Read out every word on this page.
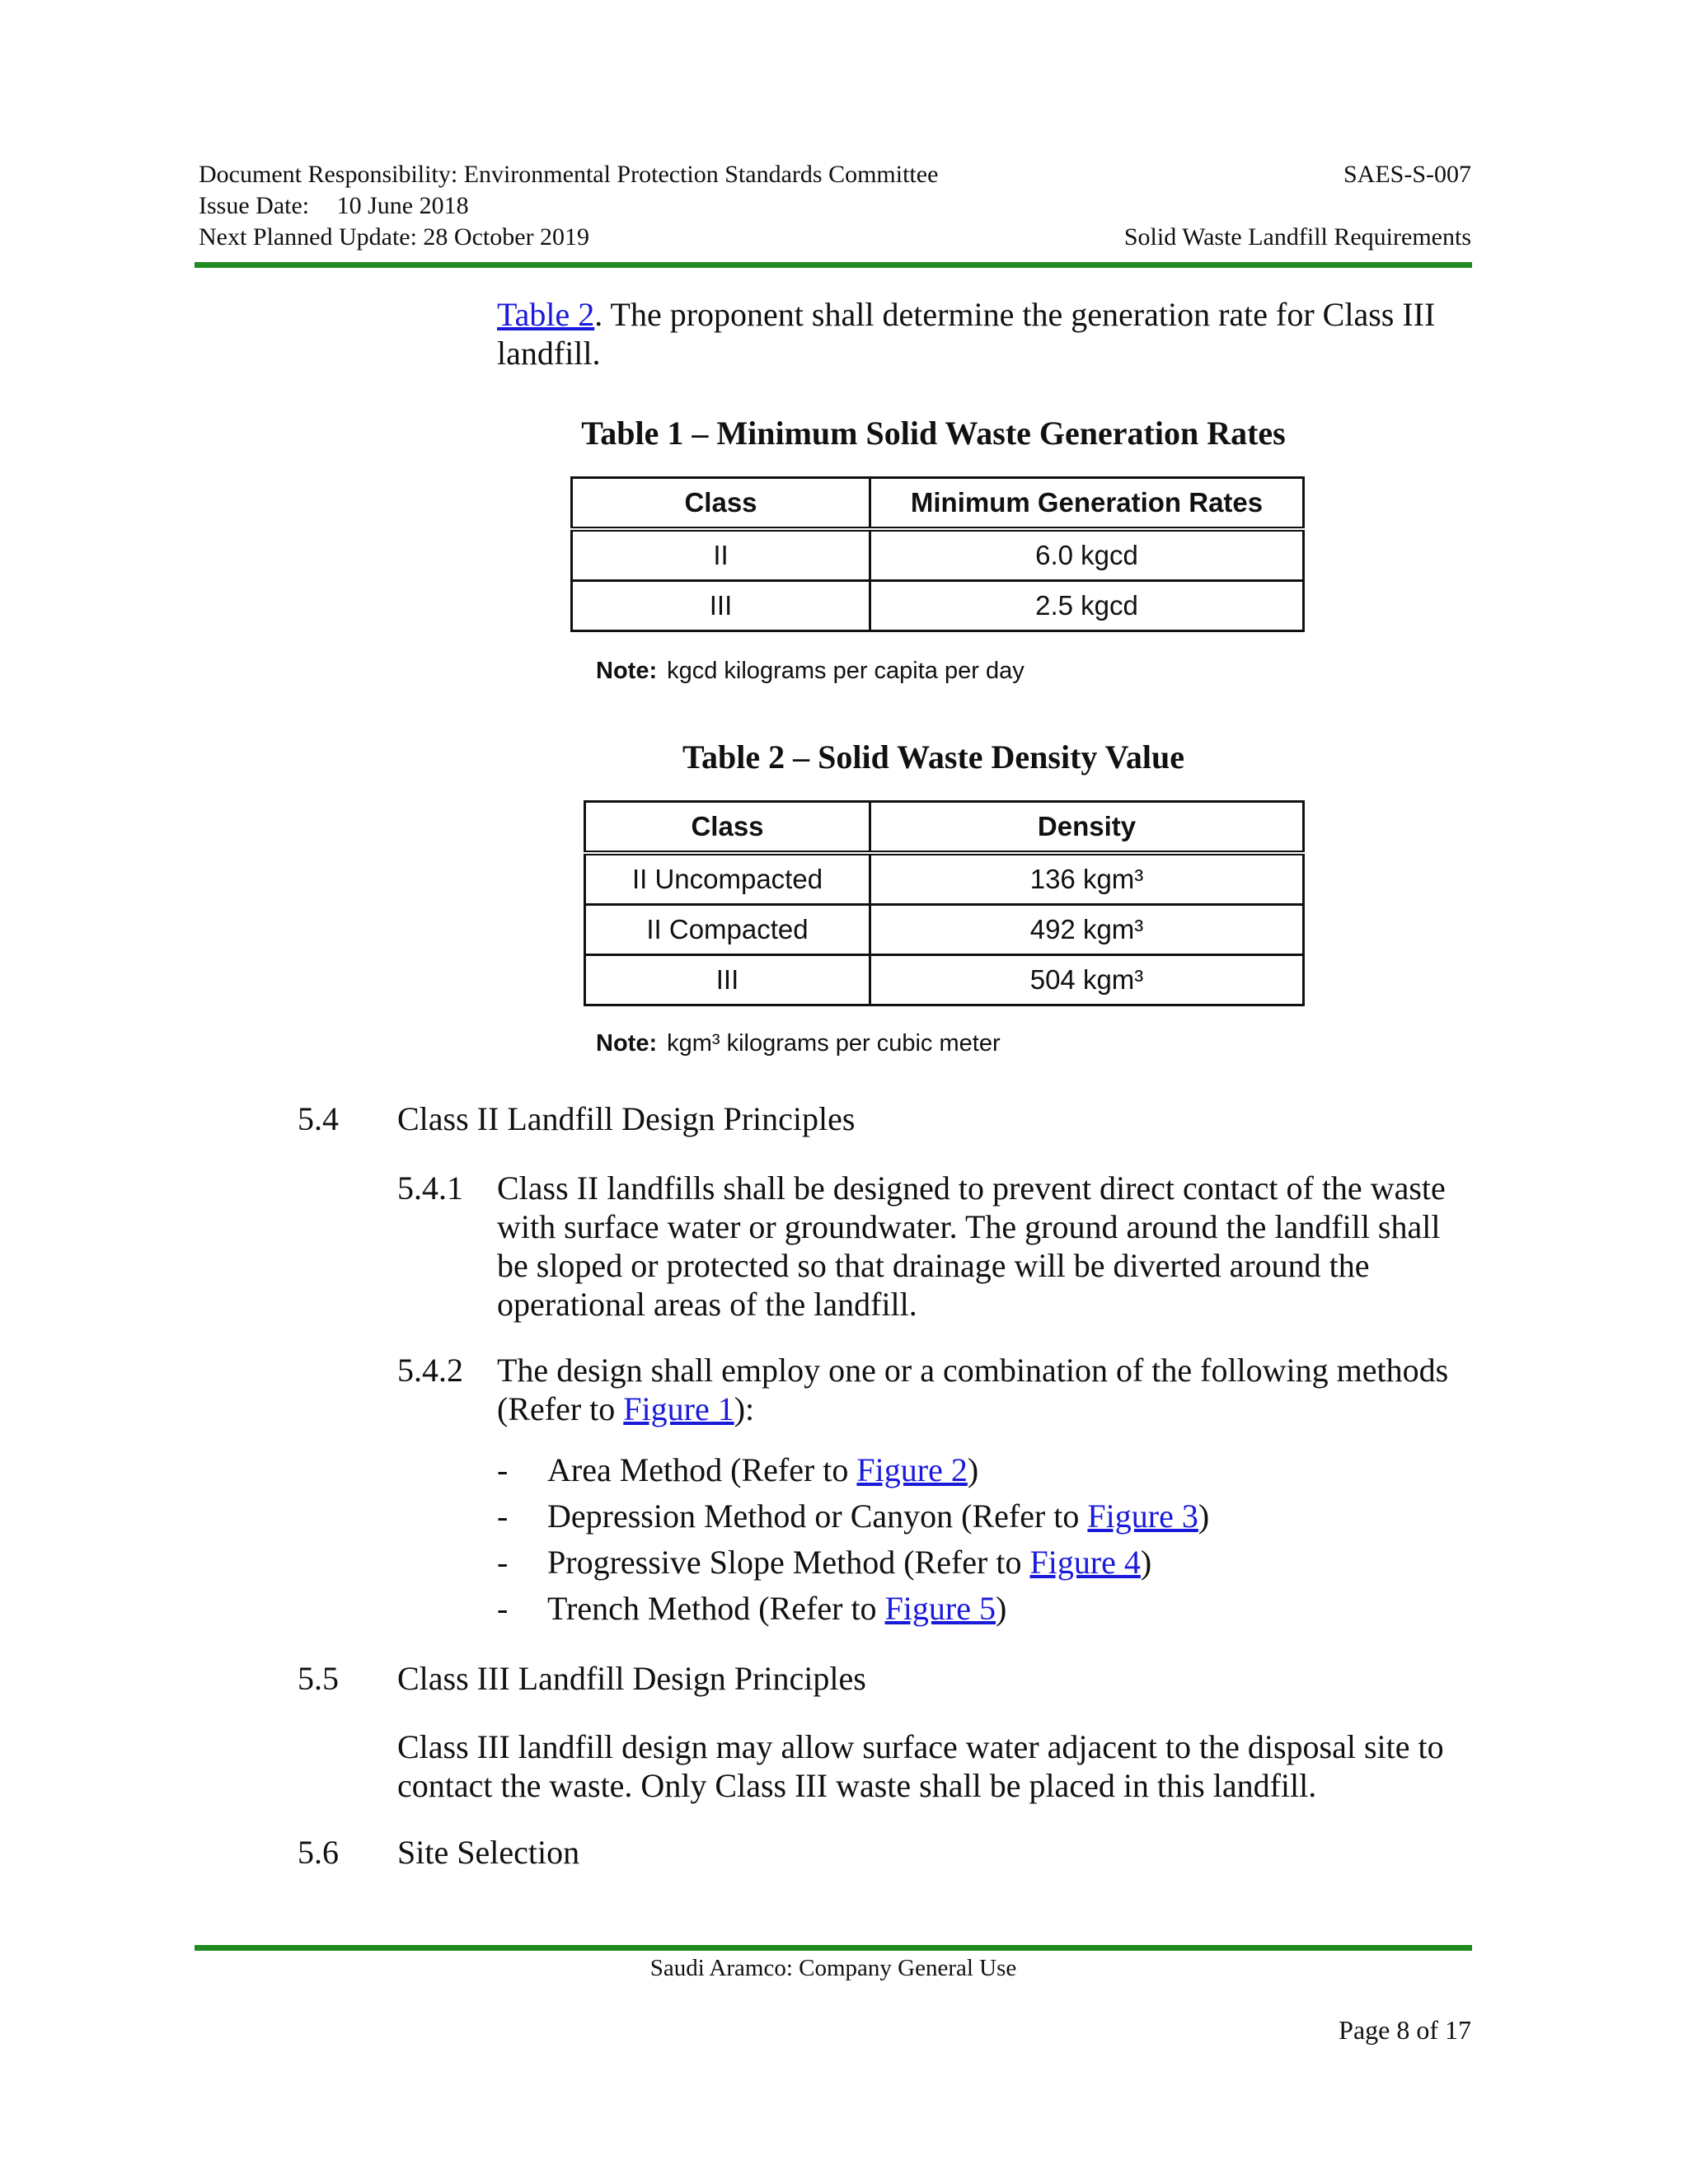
Document Responsibility: Environmental Protection Standards Committee	SAES-S-007
Issue Date: 10 June 2018
Next Planned Update: 28 October 2019	Solid Waste Landfill Requirements
Table 2. The proponent shall determine the generation rate for Class III
landfill.
Table 1 – Minimum Solid Waste Generation Rates
Class	Minimum Generation Rates
II	6.0 kgcd
III	2.5 kgcd
Note: kgcd kilograms per capita per day
Table 2 – Solid Waste Density Value
Class	Density
II Uncompacted	136 kgm³
II Compacted	492 kgm³
III	504 kgm³
Note: kgm³ kilograms per cubic meter
5.4 Class II Landfill Design Principles
5.4.1 Class II landfills shall be designed to prevent direct contact of the waste
with surface water or groundwater. The ground around the landfill shall
be sloped or protected so that drainage will be diverted around the
operational areas of the landfill.
5.4.2 The design shall employ one or a combination of the following methods
(Refer to Figure 1):
- Area Method (Refer to Figure 2)
- Depression Method or Canyon (Refer to Figure 3)
- Progressive Slope Method (Refer to Figure 4)
- Trench Method (Refer to Figure 5)
5.5 Class III Landfill Design Principles
Class III landfill design may allow surface water adjacent to the disposal site to
contact the waste. Only Class III waste shall be placed in this landfill.
5.6 Site Selection
Saudi Aramco: Company General Use
Page 8 of 17
